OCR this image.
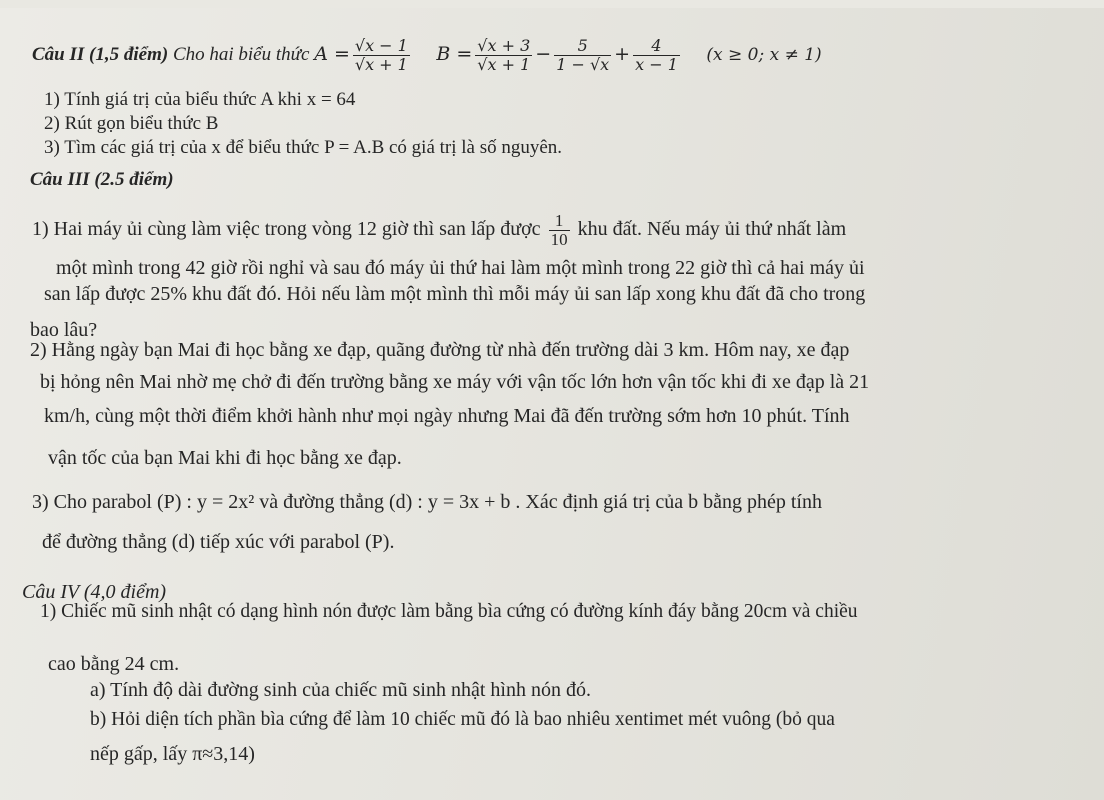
Câu II (1,5 điểm) Cho hai biểu thức $A = \frac{√x - 1}{√x + 1}$ $B = \frac{√x + 3}{√x + 1} - \frac{5}{1 - √x} + \frac{4}{x - 1} (x \ge 0$; x ≠ 1)
1) Tính giá trị của biểu thức A khi x = 64
2) Rút gọn biểu thức B
3) Tìm các giá trị của x để biểu thức P = A.B có giá trị là số nguyên.
Câu III (2.5 điểm)
1) Hai máy ủi cùng làm việc trong vòng 12 giờ thì san lấp được $\frac{1}{10}$ khu đất. Nếu máy ủi thứ nhất làm
một mình trong 42 giờ rồi nghỉ và sau đó máy ủi thứ hai làm một mình trong 22 giờ thì cả hai máy ủi
san lấp được 25% khu đất đó. Hỏi nếu làm một mình thì mỗi máy ủi san lấp xong khu đất đã cho trong
bao lâu?
2) Hằng ngày bạn Mai đi học bằng xe đạp, quãng đường từ nhà đến trường dài 3 km. Hôm nay, xe đạp
bị hỏng nên Mai nhờ mẹ chở đi đến trường bằng xe máy với vận tốc lớn hơn vận tốc khi đi xe đạp là 21
km/h, cùng một thời điểm khởi hành như mọi ngày nhưng Mai đã đến trường sớm hơn 10 phút. Tính
vận tốc của bạn Mai khi đi học bằng xe đạp.
3) Cho parabol (P) : y = 2x² và đường thẳng (d) : y = 3x + b . Xác định giá trị của b bằng phép tính
để đường thẳng (d) tiếp xúc với parabol (P).
Câu IV (4,0 điểm)
1) Chiếc mũ sinh nhật có dạng hình nón được làm bằng bìa cứng có đường kính đáy bằng 20cm và chiều
cao bằng 24 cm.
a) Tính độ dài đường sinh của chiếc mũ sinh nhật hình nón đó.
b) Hỏi diện tích phần bìa cứng để làm 10 chiếc mũ đó là bao nhiêu xentimet mét vuông (bỏ qua
nếp gấp, lấy π≈3,14)
